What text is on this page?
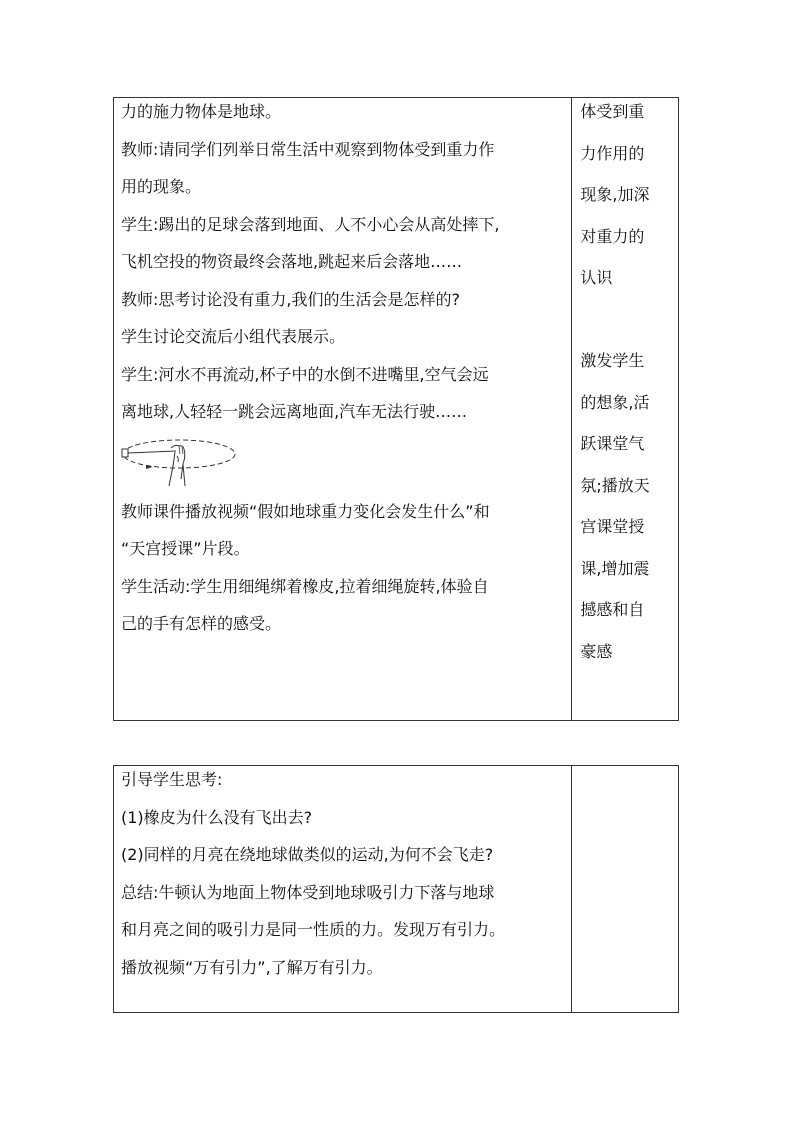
力的施力物体是地球。
教师:请同学们列举日常生活中观察到物体受到重力作
用的现象。
学生:踢出的足球会落到地面、人不小心会从高处摔下,
飞机空投的物资最终会落地,跳起来后会落地……
教师:思考讨论没有重力,我们的生活会是怎样的?
学生讨论交流后小组代表展示。
学生:河水不再流动,杯子中的水倒不进嘴里,空气会远
离地球,人轻轻一跳会远离地面,汽车无法行驶……
教师课件播放视频“假如地球重力变化会发生什么”和
“天宫授课”片段。
学生活动:学生用细绳绑着橡皮,拉着细绳旋转,体验自
己的手有怎样的感受。
体受到重
力作用的
现象,加深
对重力的
认识
激发学生
的想象,活
跃课堂气
氛;播放天
宫课堂授
课,增加震
撼感和自
豪感
引导学生思考:
(1)橡皮为什么没有飞出去?
(2)同样的月亮在绕地球做类似的运动,为何不会飞走?
总结:牛顿认为地面上物体受到地球吸引力下落与地球
和月亮之间的吸引力是同一性质的力。发现万有引力。
播放视频“万有引力”,了解万有引力。
